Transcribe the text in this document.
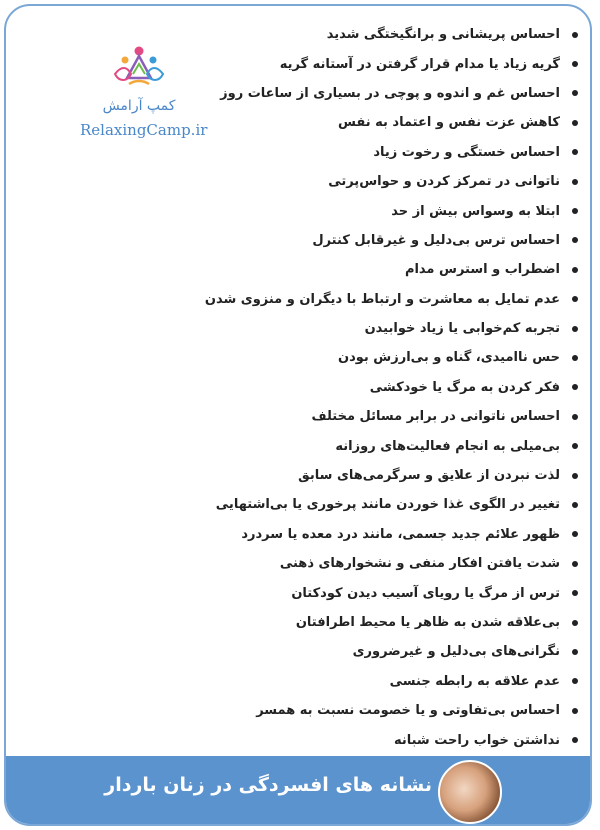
کمپ آرامش
RelaxingCamp.ir
احساس پریشانی و برانگیختگی شدید
گریه زیاد یا مدام قرار گرفتن در آستانه گریه
احساس غم و اندوه و پوچی در بسیاری از ساعات روز
کاهش عزت نفس و اعتماد به نفس
احساس خستگی و رخوت زیاد
ناتوانی در تمرکز کردن و حواس‌پرتی
ابتلا به وسواس بیش از حد
احساس ترس بی‌دلیل و غیرقابل کنترل
اضطراب و استرس مدام
عدم تمایل به معاشرت و ارتباط با دیگران و منزوی شدن
تجربه کم‌خوابی یا زیاد خوابیدن
حس ناامیدی، گناه و بی‌ارزش بودن
فکر کردن به مرگ یا خودکشی
احساس ناتوانی در برابر مسائل مختلف
بی‌میلی به انجام فعالیت‌های روزانه
لذت نبردن از علایق و سرگرمی‌های سابق
تغییر در الگوی غذا خوردن مانند پرخوری یا بی‌اشتهایی
ظهور علائم جدید جسمی، مانند درد معده یا سردرد
شدت یافتن افکار منفی و نشخوارهای ذهنی
ترس از مرگ یا رویای آسیب دیدن کودکتان
بی‌علاقه شدن به ظاهر یا محیط اطرافتان
نگرانی‌های بی‌دلیل و غیرضروری
عدم علاقه به رابطه جنسی
احساس بی‌تفاوتی و یا خصومت نسبت به همسر
نداشتن خواب راحت شبانه
نشانه های افسردگی در زنان باردار
